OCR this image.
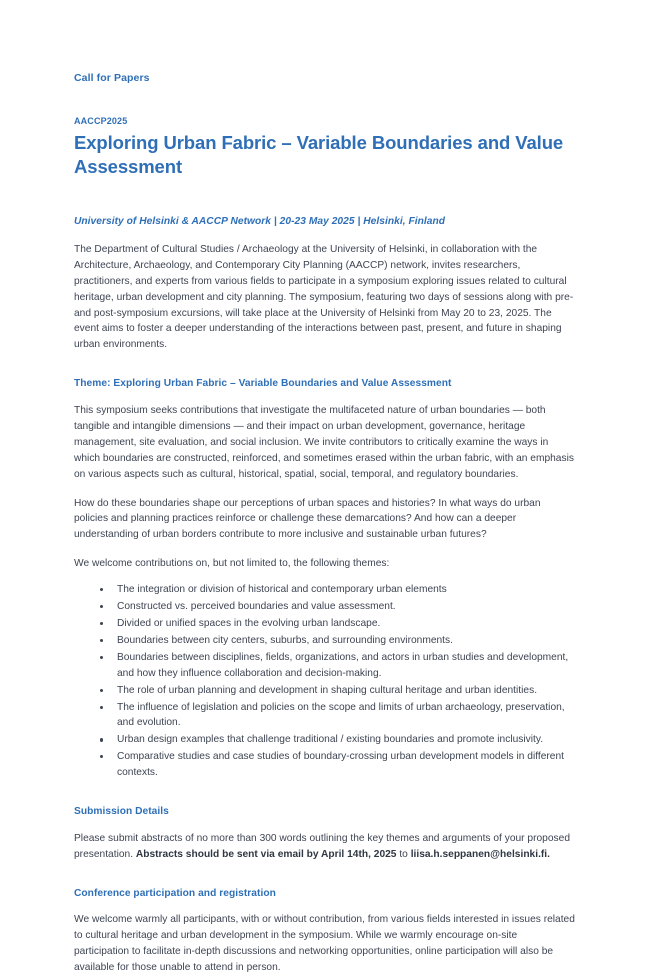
Call for Papers
AACCP2025
Exploring Urban Fabric – Variable Boundaries and Value Assessment
University of Helsinki & AACCP Network | 20-23 May 2025 | Helsinki, Finland

The Department of Cultural Studies / Archaeology at the University of Helsinki, in collaboration with the Architecture, Archaeology, and Contemporary City Planning (AACCP) network, invites researchers, practitioners, and experts from various fields to participate in a symposium exploring issues related to cultural heritage, urban development and city planning. The symposium, featuring two days of sessions along with pre- and post-symposium excursions, will take place at the University of Helsinki from May 20 to 23, 2025. The event aims to foster a deeper understanding of the interactions between past, present, and future in shaping urban environments.

Theme: Exploring Urban Fabric – Variable Boundaries and Value Assessment

This symposium seeks contributions that investigate the multifaceted nature of urban boundaries — both tangible and intangible dimensions — and their impact on urban development, governance, heritage management, site evaluation, and social inclusion. We invite contributors to critically examine the ways in which boundaries are constructed, reinforced, and sometimes erased within the urban fabric, with an emphasis on various aspects such as cultural, historical, spatial, social, temporal, and regulatory boundaries.

How do these boundaries shape our perceptions of urban spaces and histories? In what ways do urban policies and planning practices reinforce or challenge these demarcations? And how can a deeper understanding of urban borders contribute to more inclusive and sustainable urban futures?

We welcome contributions on, but not limited to, the following themes:

The integration or division of historical and contemporary urban elements
Constructed vs. perceived boundaries and value assessment.
Divided or unified spaces in the evolving urban landscape.
Boundaries between city centers, suburbs, and surrounding environments.
Boundaries between disciplines, fields, organizations, and actors in urban studies and development, and how they influence collaboration and decision-making.
The role of urban planning and development in shaping cultural heritage and urban identities.
The influence of legislation and policies on the scope and limits of urban archaeology, preservation, and evolution.
Urban design examples that challenge traditional / existing boundaries and promote inclusivity.
Comparative studies and case studies of boundary-crossing urban development models in different contexts.
Submission Details

Please submit abstracts of no more than 300 words outlining the key themes and arguments of your proposed presentation. Abstracts should be sent via email by April 14th, 2025 to liisa.h.seppanen@helsinki.fi.

Conference participation and registration

We welcome warmly all participants, with or without contribution, from various fields interested in issues related to cultural heritage and urban development in the symposium. While we warmly encourage on-site participation to facilitate in-depth discussions and networking opportunities, online participation will also be available for those unable to attend in person.
